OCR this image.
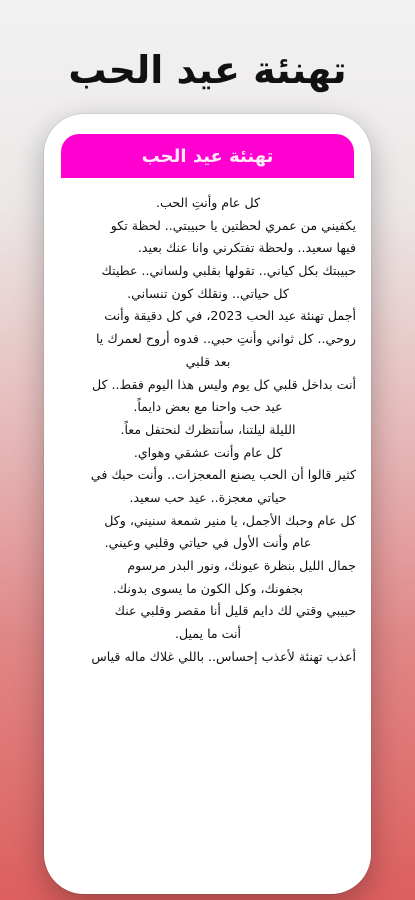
تهنئة عيد الحب
تهنئة عيد الحب
كل عام وأنتِ الحب.
يكفيني من عمري لحظتين يا حبيبتي.. لحظة تكو
فيها سعيد.. ولحظة تفتكرني وانا عنك بعيد.
حبيبتك بكل كياني.. تقولها بقلبي ولساني.. عطيتك
كل حياتي.. ونقلك كون تنساني.
أجمل تهنئة عيد الحب 2023، في كل دقيقة وأنت
روحي.. كل ثواني وأنتِ حبي.. فدوه أروح لعمرك يا
بعد قلبي
أنت بداخل قلبي كل يوم وليس هذا اليوم فقط.. كل
عيد حب واحنا مع بعض دايماً.
الليلة ليلتنا، سأنتظرك لنحتفل معاً.
كل عام وأنت عشقي وهواي.
كثير قالوا أن الحب يصنع المعجزات.. وأنت حبك في
حياتي معجزة.. عيد حب سعيد.
كل عام وحبك الأجمل، يا منير شمعة سنيني، وكل
عام وأنت الأول في حياتي وقلبي وعيني.
جمال الليل بنظرة عيونك، ونور البدر مرسوم
بجفونك، وكل الكون ما يسوى بدونك.
حبيبي وقتي لك دايم قليل أنا مقصر وقلبي عنك
أنت ما يميل.
أعذب تهنئة لأعذب إحساس.. باللي غلاك ماله قياس
